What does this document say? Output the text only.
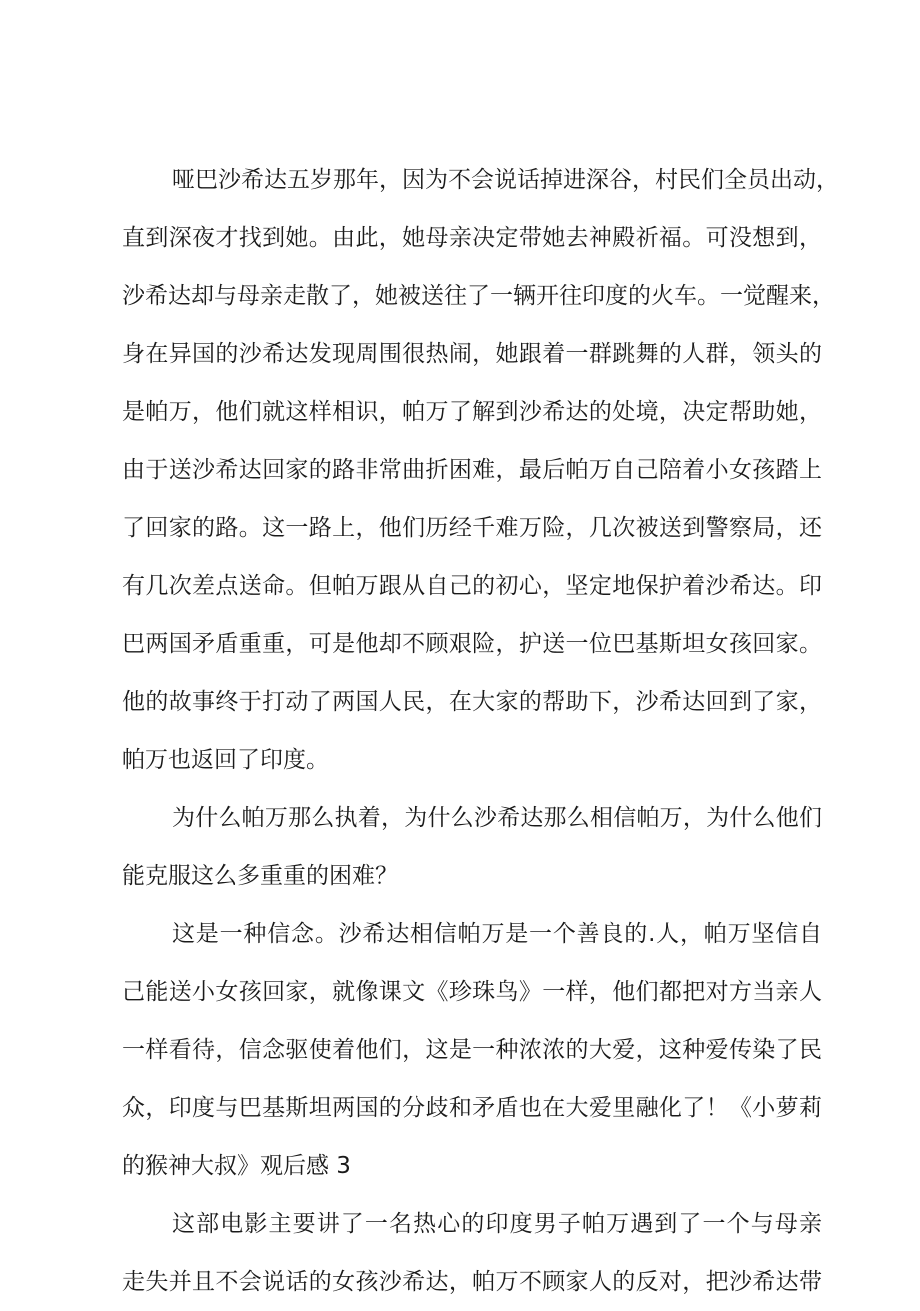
哑巴沙希达五岁那年，因为不会说话掉进深谷，村民们全员出动，
直到深夜才找到她。由此，她母亲决定带她去神殿祈福。可没想到，
沙希达却与母亲走散了，她被送往了一辆开往印度的火车。一觉醒来，
身在异国的沙希达发现周围很热闹，她跟着一群跳舞的人群，领头的
是帕万，他们就这样相识，帕万了解到沙希达的处境，决定帮助她，
由于送沙希达回家的路非常曲折困难，最后帕万自己陪着小女孩踏上
了回家的路。这一路上，他们历经千难万险，几次被送到警察局，还
有几次差点送命。但帕万跟从自己的初心，坚定地保护着沙希达。印
巴两国矛盾重重，可是他却不顾艰险，护送一位巴基斯坦女孩回家。
他的故事终于打动了两国人民，在大家的帮助下，沙希达回到了家，
帕万也返回了印度。
为什么帕万那么执着，为什么沙希达那么相信帕万，为什么他们
能克服这么多重重的困难？
这是一种信念。沙希达相信帕万是一个善良的.人，帕万坚信自
己能送小女孩回家，就像课文《珍珠鸟》一样，他们都把对方当亲人
一样看待，信念驱使着他们，这是一种浓浓的大爱，这种爱传染了民
众，印度与巴基斯坦两国的分歧和矛盾也在大爱里融化了！《小萝莉
的猴神大叔》观后感 3
这部电影主要讲了一名热心的印度男子帕万遇到了一个与母亲
走失并且不会说话的女孩沙希达，帕万不顾家人的反对，把沙希达带
